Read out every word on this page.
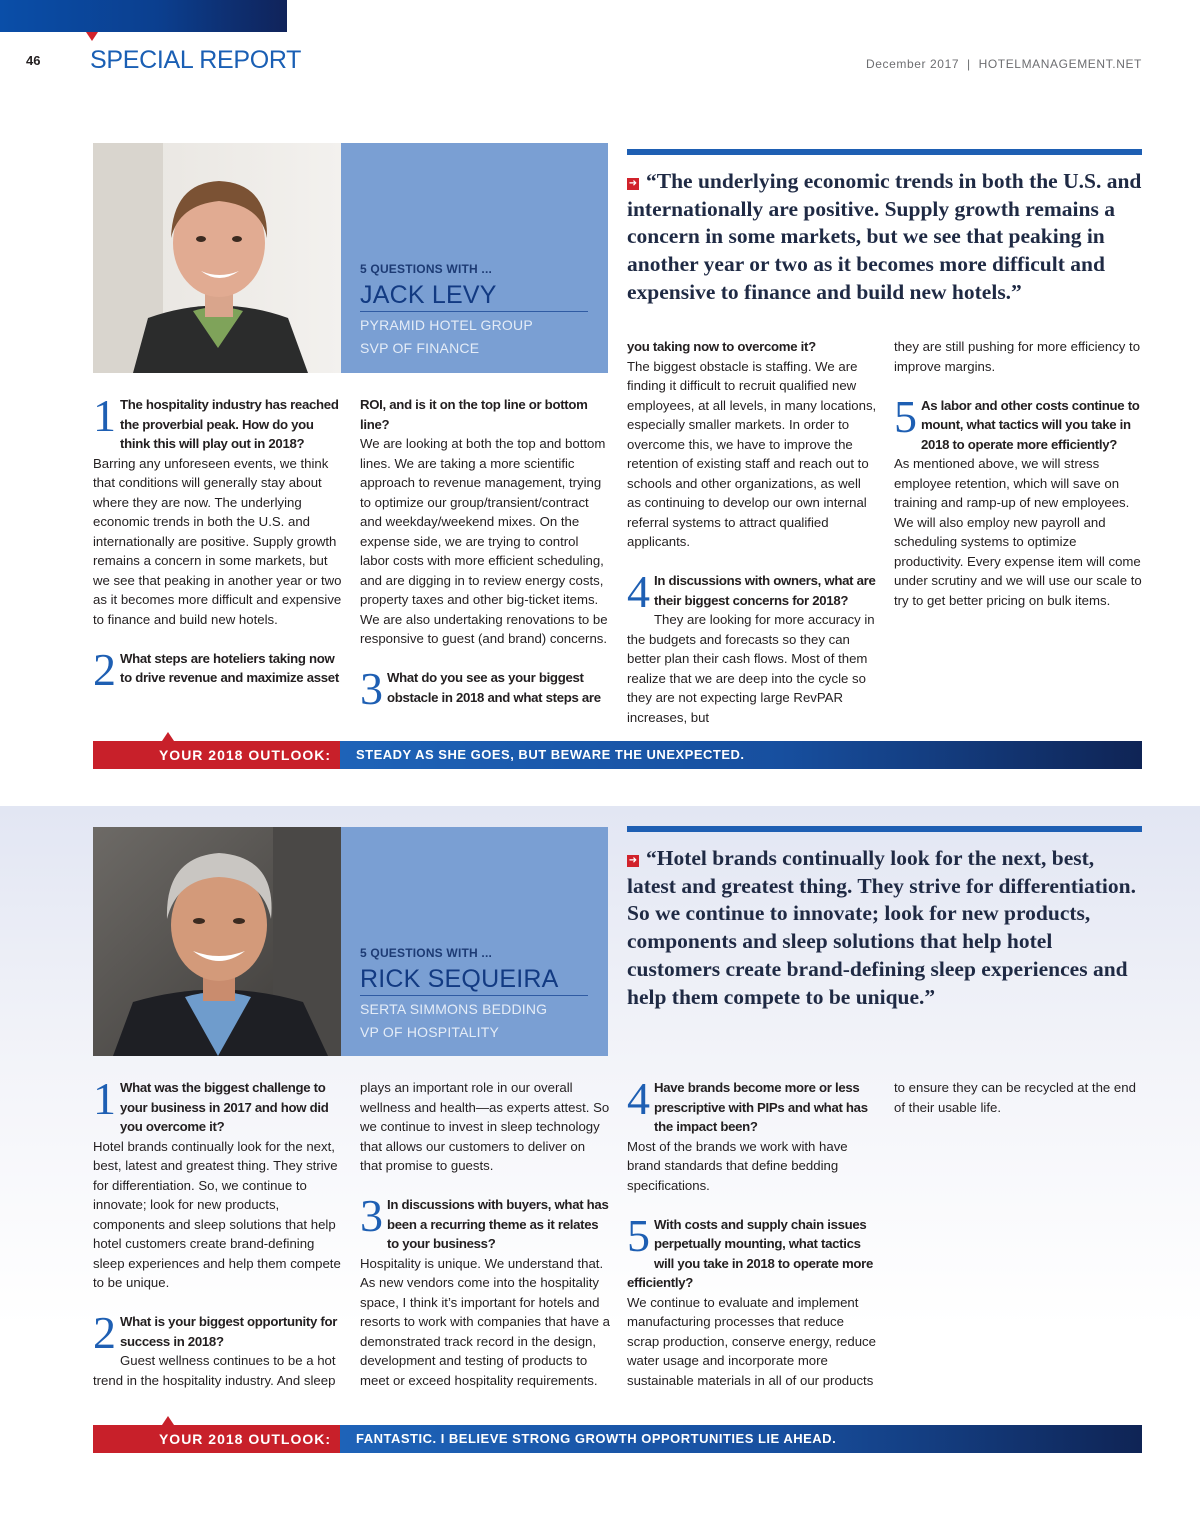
46 SPECIAL REPORT	December 2017  |  HOTELMANAGEMENT.NET
5 QUESTIONS WITH ...
JACK LEVY
PYRAMID HOTEL GROUP
SVP OF FINANCE
➜ “The underlying economic trends in both the U.S. and internationally are positive. Supply growth remains a concern in some markets, but we see that peaking in another year or two as it becomes more difficult and expensive to finance and build new hotels.”
1 The hospitality industry has reached the proverbial peak. How do you think this will play out in 2018?

Barring any unforeseen events, we think that conditions will generally stay about where they are now. The underlying economic trends in both the U.S. and internationally are positive. Supply growth remains a concern in some markets, but we see that peaking in another year or two as it becomes more difficult and expensive to finance and build new hotels.

2 What steps are hoteliers taking now to drive revenue and maximize asset

ROI, and is it on the top line or bottom line?

We are looking at both the top and bottom lines. We are taking a more scientific approach to revenue management, trying to optimize our group/transient/contract and weekday/weekend mixes. On the expense side, we are trying to control labor costs with more efficient scheduling, and are digging in to review energy costs, property taxes and other big-ticket items. We are also undertaking renovations to be responsive to guest (and brand) concerns.

3 What do you see as your biggest obstacle in 2018 and what steps are

you taking now to overcome it?

The biggest obstacle is staffing. We are finding it difficult to recruit qualified new employees, at all levels, in many locations, especially smaller markets. In order to overcome this, we have to improve the retention of existing staff and reach out to schools and other organizations, as well as continuing to develop our own internal referral systems to attract qualified applicants.

4 In discussions with owners, what are their biggest concerns for 2018?

They are looking for more accuracy in the budgets and forecasts so they can better plan their cash flows. Most of them realize that we are deep into the cycle so they are not expecting large RevPAR increases, but

they are still pushing for more efficiency to improve margins.

5 As labor and other costs continue to mount, what tactics will you take in 2018 to operate more efficiently?

As mentioned above, we will stress employee retention, which will save on training and ramp-up of new employees. We will also employ new payroll and scheduling systems to optimize productivity. Every expense item will come under scrutiny and we will use our scale to try to get better pricing on bulk items.

YOUR 2018 OUTLOOK:	STEADY AS SHE GOES, BUT BEWARE THE UNEXPECTED.
5 QUESTIONS WITH ...
RICK SEQUEIRA
SERTA SIMMONS BEDDING
VP OF HOSPITALITY
➜ “Hotel brands continually look for the next, best, latest and greatest thing. They strive for differentiation. So we continue to innovate; look for new products, components and sleep solutions that help hotel customers create brand-defining sleep experiences and help them compete to be unique.”
1 What was the biggest challenge to your business in 2017 and how did you overcome it?

Hotel brands continually look for the next, best, latest and greatest thing. They strive for differentiation. So, we continue to innovate; look for new products, components and sleep solutions that help hotel customers create brand-defining sleep experiences and help them compete to be unique.

2 What is your biggest opportunity for success in 2018?

Guest wellness continues to be a hot trend in the hospitality industry. And sleep

plays an important role in our overall wellness and health—as experts attest. So we continue to invest in sleep technology that allows our customers to deliver on that promise to guests.

3 In discussions with buyers, what has been a recurring theme as it relates to your business?

Hospitality is unique. We understand that. As new vendors come into the hospitality space, I think it’s important for hotels and resorts to work with companies that have a demonstrated track record in the design, development and testing of products to meet or exceed hospitality requirements.

4 Have brands become more or less prescriptive with PIPs and what has the impact been?

Most of the brands we work with have brand standards that define bedding specifications.

5 With costs and supply chain issues perpetually mounting, what tactics will you take in 2018 to operate more efficiently?

We continue to evaluate and implement manufacturing processes that reduce scrap production, conserve energy, reduce water usage and incorporate more sustainable materials in all of our products

to ensure they can be recycled at the end of their usable life.

YOUR 2018 OUTLOOK:	FANTASTIC. I BELIEVE STRONG GROWTH OPPORTUNITIES LIE AHEAD.
